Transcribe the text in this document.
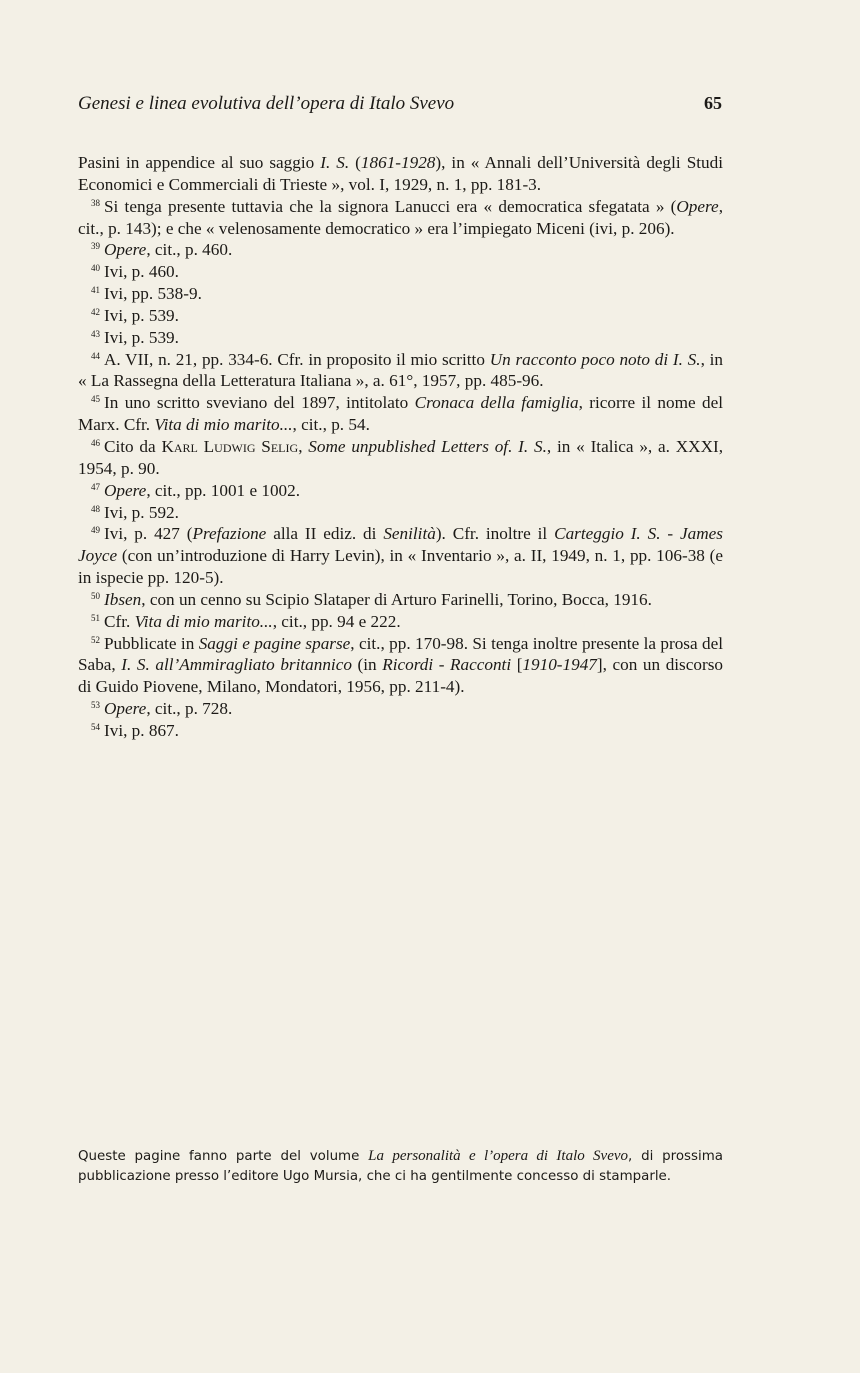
Genesi e linea evolutiva dell’opera di Italo Svevo	65

Pasini in appendice al suo saggio I. S. (1861-1928), in « Annali dell’Università degli Studi Economici e Commerciali di Trieste », vol. I, 1929, n. 1, pp. 181-3.

$^{38}$ Si tenga presente tuttavia che la signora Lanucci era « democratica sfegatata » (Opere, cit., p. 143); e che « velenosamente democratico » era l’impiegato Miceni (ivi, p. 206).

$^{39}$ Opere, cit., p. 460.

$^{40}$ Ivi, p. 460.

$^{41}$ Ivi, pp. 538-9.

$^{42}$ Ivi, p. 539.

$^{43}$ Ivi, p. 539.

$^{44}$ A. VII, n. 21, pp. 334-6. Cfr. in proposito il mio scritto Un racconto poco noto di I. S., in « La Rassegna della Letteratura Italiana », a. 61°, 1957, pp. 485-96.

$^{45}$ In uno scritto sveviano del 1897, intitolato Cronaca della famiglia, ricorre il nome del Marx. Cfr. Vita di mio marito..., cit., p. 54.

$^{46}$ Cito da Karl Ludwig Selig, Some unpublished Letters of. I. S., in « Italica », a. XXXI, 1954, p. 90.

$^{47}$ Opere, cit., pp. 1001 e 1002.

$^{48}$ Ivi, p. 592.

$^{49}$ Ivi, p. 427 (Prefazione alla II ediz. di Senilità). Cfr. inoltre il Carteggio I. S. - James Joyce (con un’introduzione di Harry Levin), in « Inventario », a. II, 1949, n. 1, pp. 106-38 (e in ispecie pp. 120-5).

$^{50}$ Ibsen, con un cenno su Scipio Slataper di Arturo Farinelli, Torino, Bocca, 1916.

$^{51}$ Cfr. Vita di mio marito..., cit., pp. 94 e 222.

$^{52}$ Pubblicate in Saggi e pagine sparse, cit., pp. 170-98. Si tenga inoltre presente la prosa del Saba, I. S. all’Ammiragliato britannico (in Ricordi - Racconti [1910-1947], con un discorso di Guido Piovene, Milano, Mondatori, 1956, pp. 211-4).

$^{53}$ Opere, cit., p. 728.

$^{54}$ Ivi, p. 867.

Queste pagine fanno parte del volume La personalità e l’opera di Italo Svevo, di prossima pubblicazione presso l’editore Ugo Mursia, che ci ha gentilmente concesso di stamparle.
